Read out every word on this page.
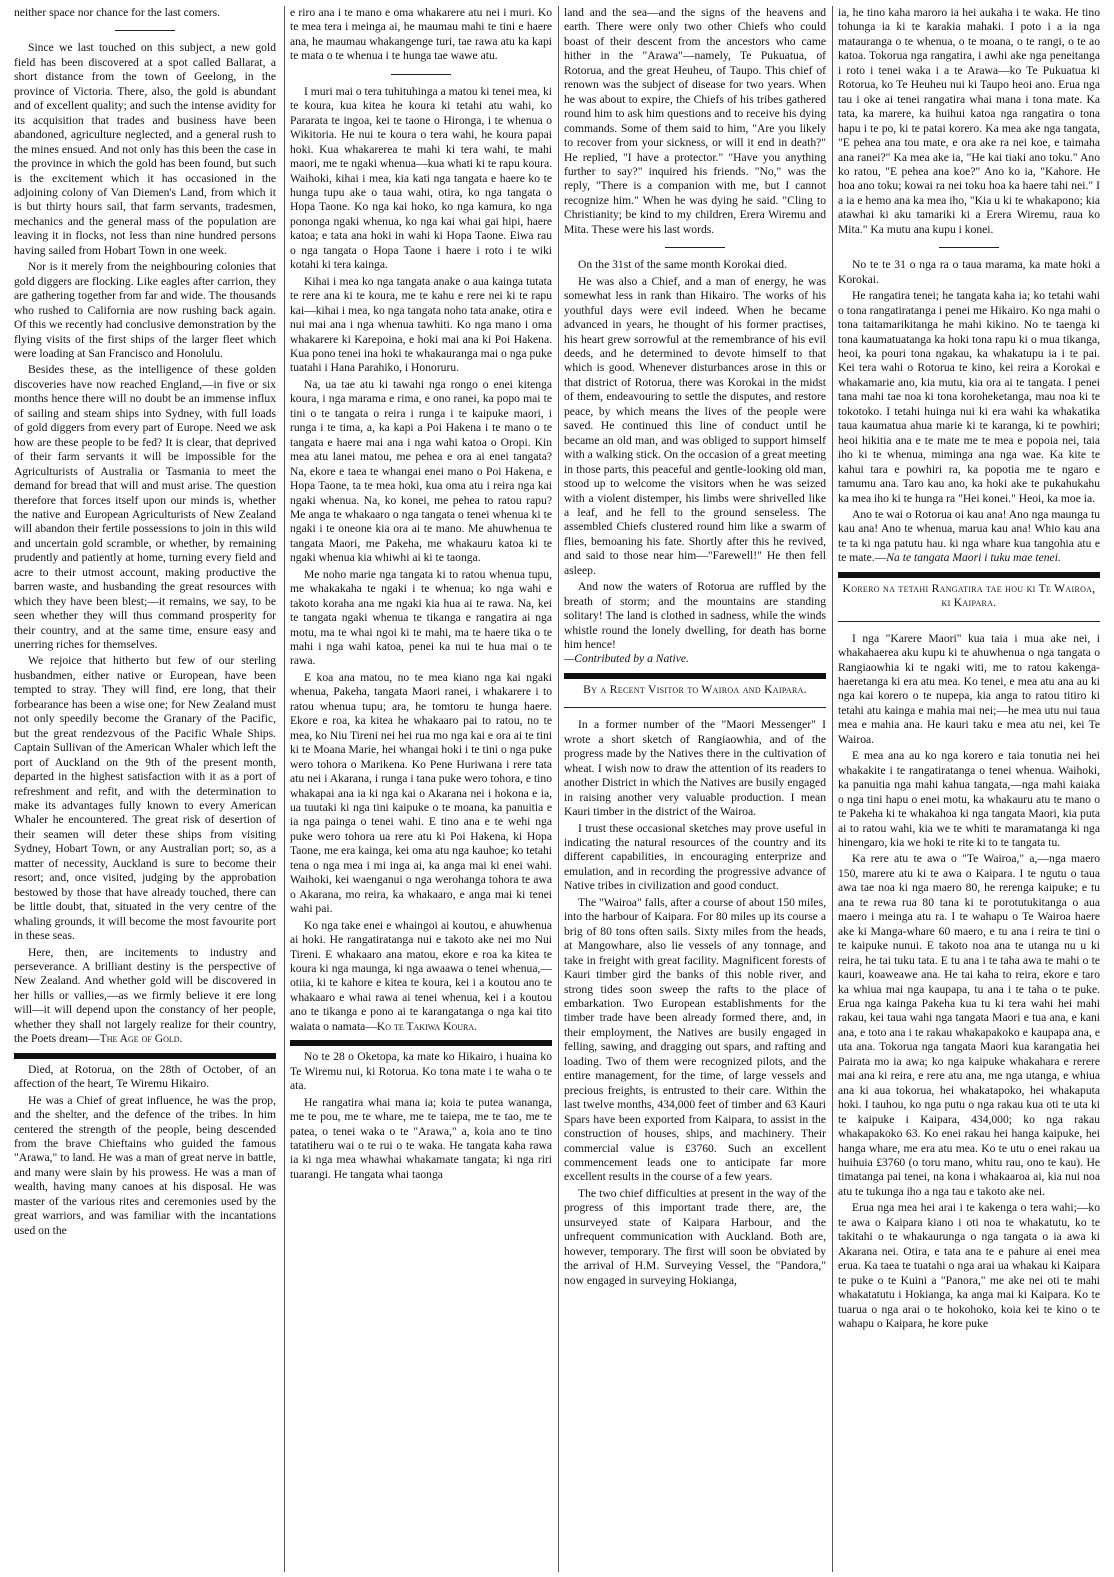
neither space nor chance for the last comers.

Since we last touched on this subject, a new gold field has been discovered at a spot called Ballarat, a short distance from the town of Geelong, in the province of Victoria. There, also, the gold is abundant and of excellent quality; and such the intense avidity for its acquisition that trades and business have been abandoned, agriculture neglected, and a general rush to the mines ensued. And not only has this been the case in the province in which the gold has been found, but such is the excitement which it has occasioned in the adjoining colony of Van Diemen's Land, from which it is but thirty hours sail, that farm servants, tradesmen, mechanics and the general mass of the population are leaving it in flocks, not less than nine hundred persons having sailed from Hobart Town in one week.

Nor is it merely from the neighbouring colonies that gold diggers are flocking. Like eagles after carrion, they are gathering together from far and wide. The thousands who rushed to California are now rushing back again. Of this we recently had conclusive demonstration by the flying visits of the first ships of the larger fleet which were loading at San Francisco and Honolulu.

Besides these, as the intelligence of these golden discoveries have now reached England,—in five or six months hence there will no doubt be an immense influx of sailing and steam ships into Sydney, with full loads of gold diggers from every part of Europe. Need we ask how are these people to be fed? It is clear, that deprived of their farm servants it will be impossible for the Agriculturists of Australia or Tasmania to meet the demand for bread that will and must arise. The question therefore that forces itself upon our minds is, whether the native and European Agriculturists of New Zealand will abandon their fertile possessions to join in this wild and uncertain gold scramble, or whether, by remaining prudently and patiently at home, turning every field and acre to their utmost account, making productive the barren waste, and husbanding the great resources with which they have been blest;—it remains, we say, to be seen whether they will thus command prosperity for their country, and at the same time, ensure easy and unerring riches for themselves.

We rejoice that hitherto but few of our sterling husbandmen, either native or European, have been tempted to stray. They will find, ere long, that their forbearance has been a wise one; for New Zealand must not only speedily become the Granary of the Pacific, but the great rendezvous of the Pacific Whale Ships. Captain Sullivan of the American Whaler which left the port of Auckland on the 9th of the present month, departed in the highest satisfaction with it as a port of refreshment and refit, and with the determination to make its advantages fully known to every American Whaler he encountered. The great risk of desertion of their seamen will deter these ships from visiting Sydney, Hobart Town, or any Australian port; so, as a matter of necessity, Auckland is sure to become their resort; and, once visited, judging by the approbation bestowed by those that have already touched, there can be little doubt, that, situated in the very centre of the whaling grounds, it will become the most favourite port in these seas.

Here, then, are incitements to industry and perseverance. A brilliant destiny is the perspective of New Zealand. And whether gold will be discovered in her hills or vallies,—as we firmly believe it ere long will—it will depend upon the constancy of her people, whether they shall not largely realize for their country, the Poets dream—The Age of Gold.

Died, at Rotorua, on the 28th of October, of an affection of the heart, Te Wiremu Hikairo.

He was a Chief of great influence, he was the prop, and the shelter, and the defence of the tribes. In him centered the strength of the people, being descended from the brave Chieftains who guided the famous "Arawa," to land. He was a man of great nerve in battle, and many were slain by his prowess. He was a man of wealth, having many canoes at his disposal. He was master of the various rites and ceremonies used by the great warriors, and was familiar with the incantations used on the

e riro ana i te mano e oma whakarere atu nei i muri. Ko te mea tera i meinga ai, he maumau mahi te tini e haere ana, he maumau whakangenge turi, tae rawa atu ka kapi te mata o te whenua i te hunga tae wawe atu.

I muri mai o tera tuhituhinga a matou ki tenei mea, ki te koura, kua kitea he koura ki tetahi atu wahi, ko Pararata te ingoa, kei te taone o Hironga, i te whenua o Wikitoria. He nui te koura o tera wahi, he koura papai hoki. Kua whakarerea te mahi ki tera wahi, te mahi maori, me te ngaki whenua—kua whati ki te rapu koura. Waihoki, kihai i mea, kia kati nga tangata e haere ko te hunga tupu ake o taua wahi, otira, ko nga tangata o Hopa Taone. Ko nga kai hoko, ko nga kamura, ko nga pononga ngaki whenua, ko nga kai whai gai hipi, haere katoa; e tata ana hoki in wahi ki Hopa Taone. Eiwa rau o nga tangata o Hopa Taone i haere i roto i te wiki kotahi ki tera kainga.

Kihai i mea ko nga tangata anake o aua kainga tutata te rere ana ki te koura, me te kahu e rere nei ki te rapu kai—kihai i mea, ko nga tangata noho tata anake, otira e nui mai ana i nga whenua tawhiti. Ko nga mano i oma whakarere ki Karepoina, e hoki mai ana ki Poi Hakena. Kua pono tenei ina hoki te whakauranga mai o nga puke tuatahi i Hana Parahiko, i Honoruru.

Na, ua tae atu ki tawahi nga rongo o enei kitenga koura, i nga marama e rima, e ono ranei, ka popo mai te tini o te tangata o reira i runga i te kaipuke maori, i runga i te tima, a, ka kapi a Poi Hakena i te mano o te tangata e haere mai ana i nga wahi katoa o Oropi. Kin mea atu lanei matou, me pehea e ora ai enei tangata? Na, ekore e taea te whangai enei mano o Poi Hakena, e Hopa Taone, ta te mea hoki, kua oma atu i reira nga kai ngaki whenua. Na, ko konei, me pehea to ratou rapu? Me anga te whakaaro o nga tangata o tenei whenua ki te ngaki i te oneone kia ora ai te mano. Me ahuwhenua te tangata Maori, me Pakeha, me whakauru katoa ki te ngaki whenua kia whiwhi ai ki te taonga.

Me noho marie nga tangata ki to ratou whenua tupu, me whakakaha te ngaki i te whenua; ko nga wahi e takoto koraha ana me ngaki kia hua ai te rawa. Na, kei te tangata ngaki whenua te tikanga e rangatira ai nga motu, ma te whai ngoi ki te mahi, ma te haere tika o te mahi i nga wahi katoa, penei ka nui te hua mai o te rawa.

E koa ana matou, no te mea kiano nga kai ngaki whenua, Pakeha, tangata Maori ranei, i whakarere i to ratou whenua tupu; ara, he tomtoru te hunga haere. Ekore e roa, ka kitea he whakaaro pai to ratou, no te mea, ko Niu Tireni nei hei rua mo nga kai e ora ai te tini ki te Moana Marie, hei whangai hoki i te tini o nga puke wero tohora o Marikena. Ko Pene Huriwana i rere tata atu nei i Akarana, i runga i tana puke wero tohora, e tino whakapai ana ia ki nga kai o Akarana nei i hokona e ia, ua tuutaki ki nga tini kaipuke o te moana, ka panuitia e ia nga painga o tenei wahi. E tino ana e te wehi nga puke wero tohora ua rere atu ki Poi Hakena, ki Hopa Taone, me era kainga, kei oma atu nga kauhoe; ko tetahi tena o nga mea i mi inga ai, ka anga mai ki enei wahi. Waihoki, kei waenganui o nga werohanga tohora te awa o Akarana, mo reira, ka whakaaro, e anga mai ki tenei wahi pai.

Ko nga take enei e whaingoi ai koutou, e ahuwhenua ai hoki. He rangatiratanga nui e takoto ake nei mo Nui Tireni. E whakaaro ana matou, ekore e roa ka kitea te koura ki nga maunga, ki nga awaawa o tenei whenua,—otiia, ki te kahore e kitea te koura, kei i a koutou ano te whakaaro e whai rawa ai tenei whenua, kei i a koutou ano te tikanga e pono ai te karangatanga o nga kai tito waiata o namata—Ko te Takiwa Koura.

No te 28 o Oketopa, ka mate ko Hikairo, i huaina ko Te Wiremu nui, ki Rotorua. Ko tona mate i te waha o te ata.

He rangatira whai mana ia; koia te putea wananga, me te pou, me te whare, me te taiepa, me te tao, me te patea, o tenei waka o te "Arawa," a, koia ano te tino tatatiheru wai o te rui o te waka. He tangata kaha rawa ia ki nga mea whawhai whakamate tangata; ki nga riri tuarangi. He tangata whai taonga

land and the sea—and the signs of the heavens and earth. There were only two other Chiefs who could boast of their descent from the ancestors who came hither in the "Arawa"—namely, Te Pukuatua, of Rotorua, and the great Heuheu, of Taupo. This chief of renown was the subject of disease for two years. When he was about to expire, the Chiefs of his tribes gathered round him to ask him questions and to receive his dying commands. Some of them said to him, "Are you likely to recover from your sickness, or will it end in death?" He replied, "I have a protector." "Have you anything further to say?" inquired his friends. "No," was the reply, "There is a companion with me, but I cannot recognize him." When he was dying he said. "Cling to Christianity; be kind to my children, Erera Wiremu and Mita. These were his last words.

On the 31st of the same month Korokai died.

He was also a Chief, and a man of energy, he was somewhat less in rank than Hikairo. The works of his youthful days were evil indeed. When he became advanced in years, he thought of his former practises, his heart grew sorrowful at the remembrance of his evil deeds, and he determined to devote himself to that which is good. Whenever disturbances arose in this or that district of Rotorua, there was Korokai in the midst of them, endeavouring to settle the disputes, and restore peace, by which means the lives of the people were saved. He continued this line of conduct until he became an old man, and was obliged to support himself with a walking stick. On the occasion of a great meeting in those parts, this peaceful and gentle-looking old man, stood up to welcome the visitors when he was seized with a violent distemper, his limbs were shrivelled like a leaf, and he fell to the ground senseless. The assembled Chiefs clustered round him like a swarm of flies, bemoaning his fate. Shortly after this he revived, and said to those near him—"Farewell!" He then fell asleep.

And now the waters of Rotorua are ruffled by the breath of storm; and the mountains are standing solitary! The land is clothed in sadness, while the winds whistle round the lonely dwelling, for death has borne him hence!
—Contributed by a Native.

By a Recent Visitor to Wairoa and Kaipara.

In a former number of the "Maori Messenger" I wrote a short sketch of Rangiaowhia, and of the progress made by the Natives there in the cultivation of wheat. I wish now to draw the attention of its readers to another District in which the Natives are busily engaged in raising another very valuable production. I mean Kauri timber in the district of the Wairoa.

I trust these occasional sketches may prove useful in indicating the natural resources of the country and its different capabilities, in encouraging enterprize and emulation, and in recording the progressive advance of Native tribes in civilization and good conduct.

The "Wairoa" falls, after a course of about 150 miles, into the harbour of Kaipara. For 80 miles up its course a brig of 80 tons often sails. Sixty miles from the heads, at Mangowhare, also lie vessels of any tonnage, and take in freight with great facility. Magnificent forests of Kauri timber gird the banks of this noble river, and strong tides soon sweep the rafts to the place of embarkation. Two European establishments for the timber trade have been already formed there, and, in their employment, the Natives are busily engaged in felling, sawing, and dragging out spars, and rafting and loading. Two of them were recognized pilots, and the entire management, for the time, of large vessels and precious freights, is entrusted to their care. Within the last twelve months, 434,000 feet of timber and 63 Kauri Spars have been exported from Kaipara, to assist in the construction of houses, ships, and machinery. Their commercial value is £3760. Such an excellent commencement leads one to anticipate far more excellent results in the course of a few years.

The two chief difficulties at present in the way of the progress of this important trade there, are, the unsurveyed state of Kaipara Harbour, and the unfrequent communication with Auckland. Both are, however, temporary. The first will soon be obviated by the arrival of H.M. Surveying Vessel, the "Pandora," now engaged in surveying Hokianga,

ia, he tino kaha maroro ia hei aukaha i te waka. He tino tohunga ia ki te karakia mahaki. I poto i a ia nga matauranga o te whenua, o te moana, o te rangi, o te ao katoa. Tokorua nga rangatira, i awhi ake nga peneitanga i roto i tenei waka i a te Arawa—ko Te Pukuatua ki Rotorua, ko Te Heuheu nui ki Taupo heoi ano. Erua nga tau i oke ai tenei rangatira whai mana i tona mate. Ka tata, ka marere, ka huihui katoa nga rangatira o tona hapu i te po, ki te patai korero. Ka mea ake nga tangata, "E pehea ana tou mate, e ora ake ra nei koe, e taimaha ana ranei?" Ka mea ake ia, "He kai tiaki ano toku." Ano ko ratou, "E pehea ana koe?" Ano ko ia, "Kahore. He hoa ano toku; kowai ra nei toku hoa ka haere tahi nei." I a ia e hemo ana ka mea iho, "Kia u ki te whakapono; kia atawhai ki aku tamariki ki a Erera Wiremu, raua ko Mita." Ka mutu ana kupu i konei.

No te te 31 o nga ra o taua marama, ka mate hoki a Korokai.

He rangatira tenei; he tangata kaha ia; ko tetahi wahi o tona rangatiratanga i penei me Hikairo. Ko nga mahi o tona taitamarikitanga he mahi kikino. No te taenga ki tona kaumatuatanga ka hoki tona rapu ki o mua tikanga, heoi, ka pouri tona ngakau, ka whakatupu ia i te pai. Kei tera wahi o Rotorua te kino, kei reira a Korokai e whakamarie ano, kia mutu, kia ora ai te tangata. I penei tana mahi tae noa ki tona koroheketanga, mau noa ki te tokotoko. I tetahi huinga nui ki era wahi ka whakatika taua kaumatua ahua marie ki te karanga, ki te powhiri; heoi hikitia ana e te mate me te mea e popoia nei, taia iho ki te whenua, miminga ana nga wae. Ka kite te kahui tara e powhiri ra, ka popotia me te ngaro e tamumu ana. Taro kau ano, ka hoki ake te pukahukahu ka mea iho ki te hunga ra "Hei konei." Heoi, ka moe ia.

Ano te wai o Rotorua oi kau ana! Ano nga maunga tu kau ana! Ano te whenua, marua kau ana! Whio kau ana te ta ki nga patutu hau. ki nga whare kua tangohia atu e te mate.—Na te tangata Maori i tuku mae tenei.

Korero na tetahi Rangatira tae hou ki Te Wairoa, ki Kaipara.

I nga "Karere Maori" kua taia i mua ake nei, i whakahaerea aku kupu ki te ahuwhenua o nga tangata o Rangiaowhia ki te ngaki witi, me to ratou kakenga-haeretanga ki era atu mea. Ko tenei, e mea atu ana au ki nga kai korero o te nupepa, kia anga to ratou titiro ki tetahi atu kainga e mahia mai nei;—he mea utu nui taua mea e mahia ana. He kauri taku e mea atu nei, kei Te Wairoa.

E mea ana au ko nga korero e taia tonutia nei hei whakakite i te rangatiratanga o tenei whenua. Waihoki, ka panuitia nga mahi kahua tangata,—nga mahi kaiaka o nga tini hapu o enei motu, ka whakauru atu te mano o te Pakeha ki te whakahoa ki nga tangata Maori, kia puta ai to ratou wahi, kia we te whiti te maramatanga ki nga hinengaro, kia we hoki te rite ki to te tangata tu.

Ka rere atu te awa o "Te Wairoa," a,—nga maero 150, marere atu ki te awa o Kaipara. I te ngutu o taua awa tae noa ki nga maero 80, he rerenga kaipuke; e tu ana te rewa rua 80 tana ki te porotutukitanga o aua maero i meinga atu ra. I te wahapu o Te Wairoa haere ake ki Manga-whare 60 maero, e tu ana i reira te tini o te kaipuke nunui. E takoto noa ana te utanga nu u ki reira, he tai tuku tata. E tu ana i te taha awa te mahi o te kauri, koaweawe ana. He tai kaha to reira, ekore e taro ka whiua mai nga kaupapa, tu ana i te taha o te puke. Erua nga kainga Pakeha kua tu ki tera wahi hei mahi rakau, kei taua wahi nga tangata Maori e tua ana, e kani ana, e toto ana i te rakau whakapakoko e kaupapa ana, e uta ana. Tokorua nga tangata Maori kua karangatia hei Pairata mo ia awa; ko nga kaipuke whakahara e rerere mai ana ki reira, e rere atu ana, me nga utanga, e whiua ana ki aua tokorua, hei whakatapoko, hei whakaputa hoki. I tauhou, ko nga putu o nga rakau kua oti te uta ki te kaipuke i Kaipara, 434,000; ko nga rakau whakapakoko 63. Ko enei rakau hei hanga kaipuke, hei hanga whare, me era atu mea. Ko te utu o enei rakau ua huihuia £3760 (o toru mano, whitu rau, ono te kau). He timatanga pai tenei, na kona i whakaaroa ai, kia nui noa atu te tukunga iho a nga tau e takoto ake nei.

Erua nga mea hei arai i te kakenga o tera wahi;—ko te awa o Kaipara kiano i oti noa te whakatutu, ko te takitahi o te whakaurunga o nga tangata o ia awa ki Akarana nei. Otira, e tata ana te e pahure ai enei mea erua. Ka taea te tuatahi o nga arai ua whakau ki Kaipara te puke o te Kuini a "Panora," me ake nei oti te mahi whakatatutu i Hokianga, ka anga mai ki Kaipara. Ko te tuarua o nga arai o te hokohoko, koia kei te kino o te wahapu o Kaipara, he kore puke
